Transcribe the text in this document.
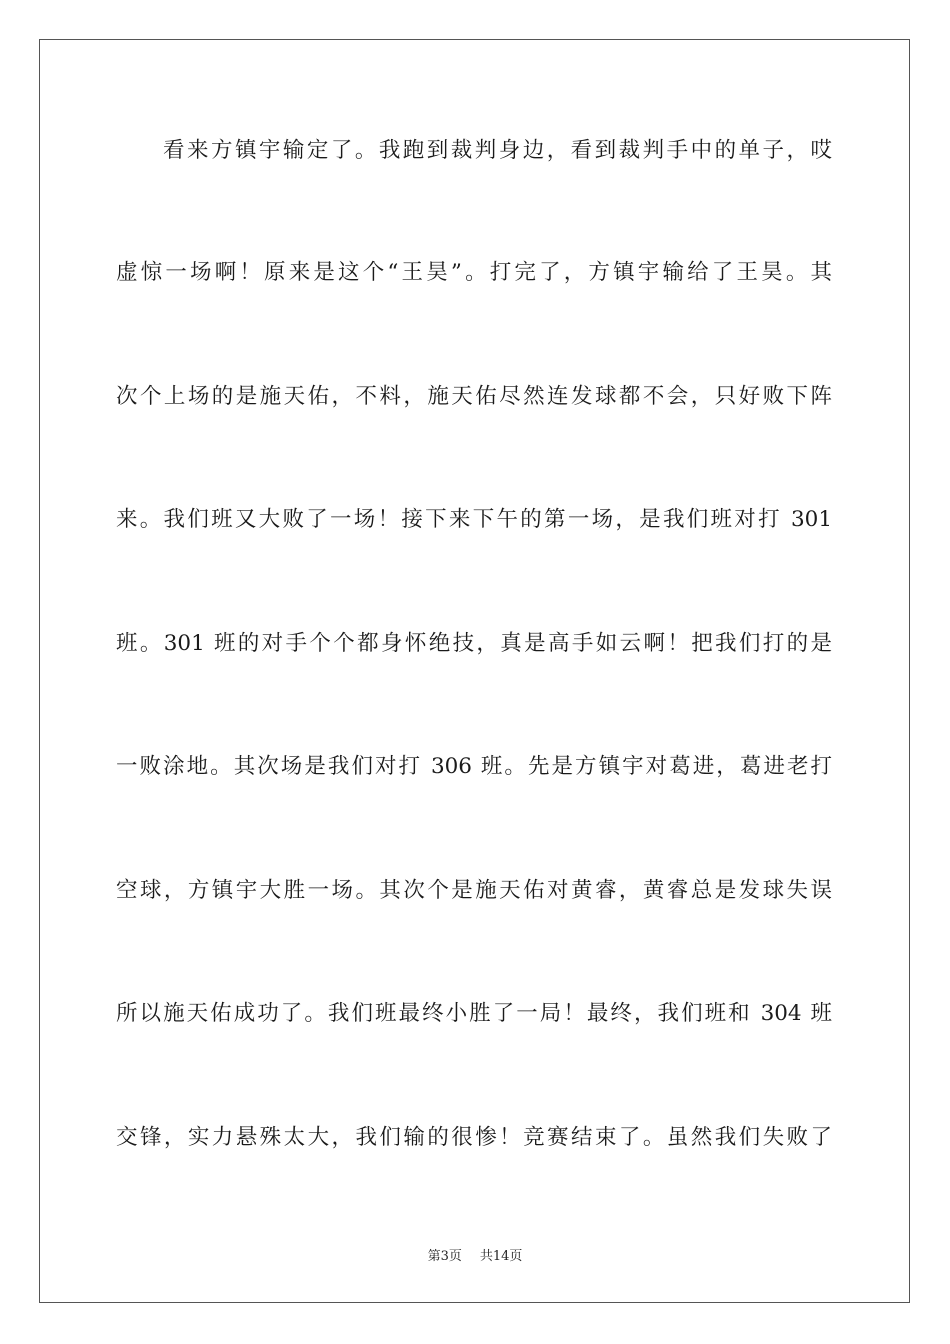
看来方镇宇输定了。我跑到裁判身边，看到裁判手中的单子，哎
虚惊一场啊！原来是这个“王昊”。打完了，方镇宇输给了王昊。其
次个上场的是施天佑，不料，施天佑尽然连发球都不会，只好败下阵
来。我们班又大败了一场！接下来下午的第一场，是我们班对打 301
班。301 班的对手个个都身怀绝技，真是高手如云啊！把我们打的是
一败涂地。其次场是我们对打 306 班。先是方镇宇对葛进，葛进老打
空球，方镇宇大胜一场。其次个是施天佑对黄睿，黄睿总是发球失误
所以施天佑成功了。我们班最终小胜了一局！最终，我们班和 304 班
交锋，实力悬殊太大，我们输的很惨！竞赛结束了。虽然我们失败了
第3页 共14页
